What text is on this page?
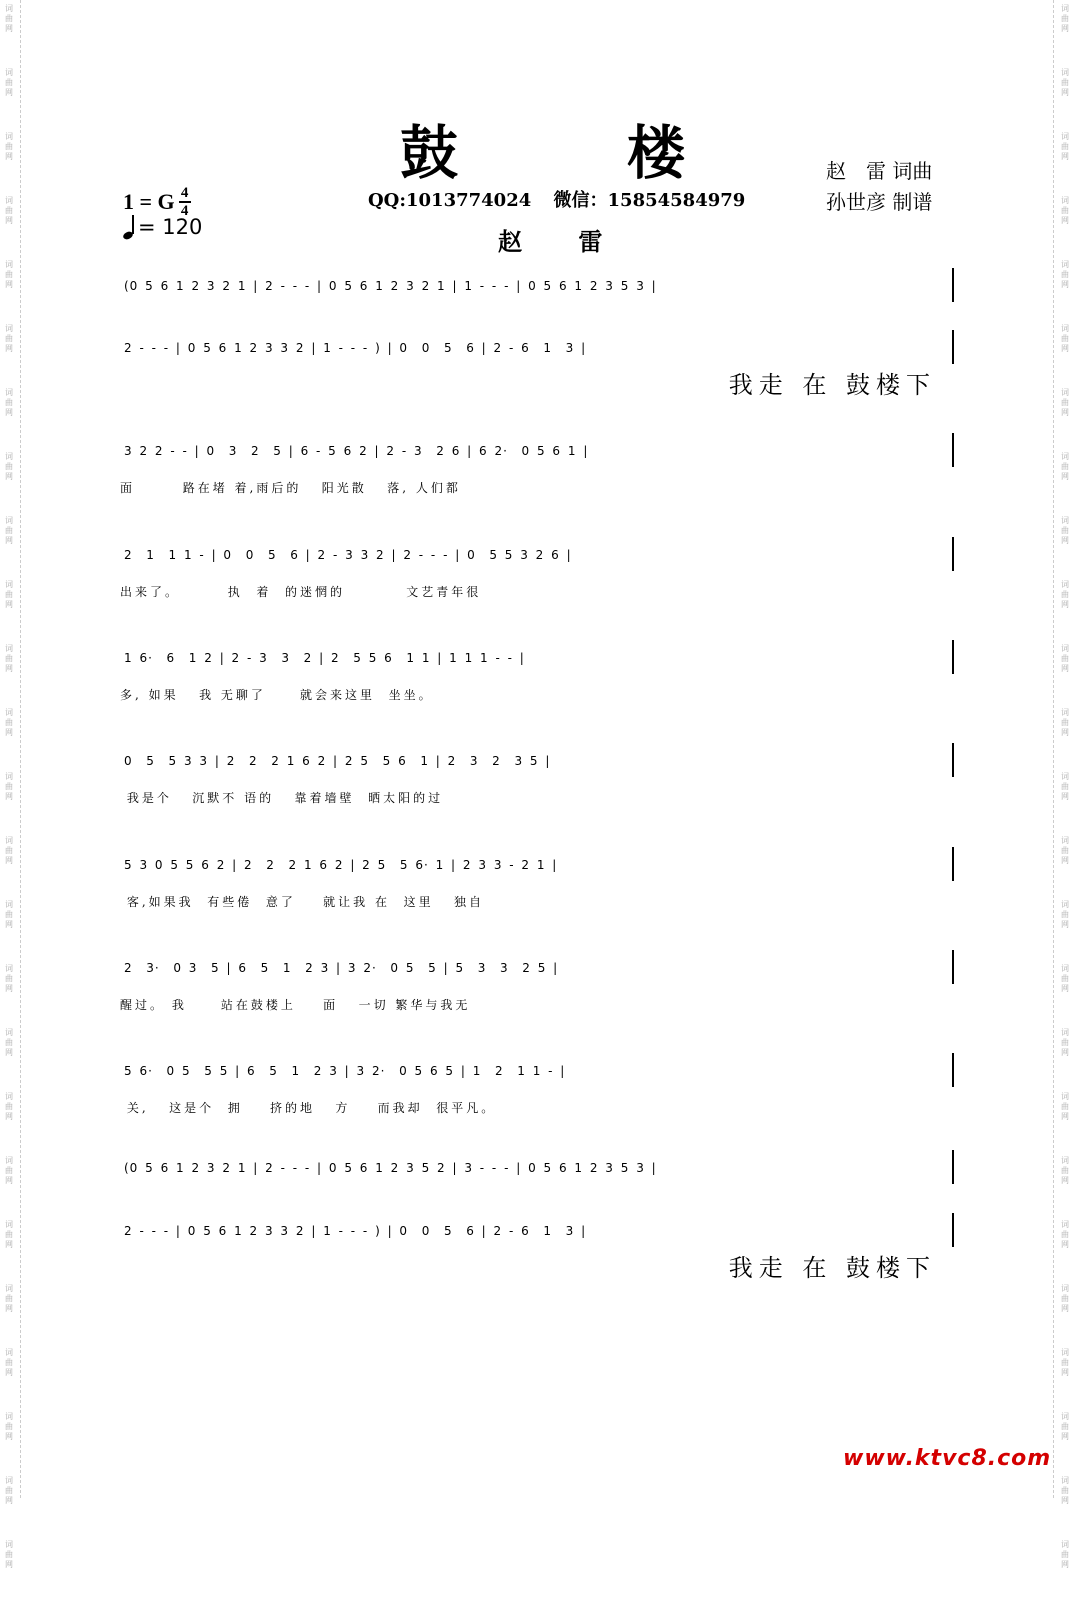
词
曲
网
词
曲
网
词
曲
网
词
曲
网
词
曲
网
词
曲
网
词
曲
网
词
曲
网
词
曲
网
词
曲
网
词
曲
网
词
曲
网
词
曲
网
词
曲
网
词
曲
网
词
曲
网
词
曲
网
词
曲
网
词
曲
网
词
曲
网
词
曲
网
词
曲
网
词
曲
网
词
曲
网
词
曲
网
词
曲
网
词
曲
网
词
曲
网
词
曲
网
词
曲
网
词
曲
网
词
曲
网
词
曲
网
词
曲
网
词
曲
网
词
曲
网
词
曲
网
词
曲
网
词
曲
网
词
曲
网
词
曲
网
词
曲
网
词
曲
网
词
曲
网
词
曲
网
词
曲
网
词
曲
网
词
曲
网
词
曲
网
词
曲
网
鼓	楼
QQ:1013774024 微信：15854584979
赵 雷
赵　雷 词曲
孙世彦 制谱
1 = G $\frac{4}{4}$
= 120
(0 5 6 1 2 3 2 1 | 2 - - - | 0 5 6 1 2 3 2 1 | 1 - - - | 0 5 6 1 2 3 5 3 |
2 - - - | 0 5 6 1 2 3 3 2 | 1 - - - ) | 0  0  5  6 | 2 - 6  1  3 |
我走 在 鼓楼下
3 2 2 - - | 0  3  2  5 | 6 - 5 6 2 | 2 - 3  2 6 | 6 2·  0 5 6 1 |
面       路在堵 着,雨后的   阳光散   落, 人们都
2  1  1 1 - | 0  0  5  6 | 2 - 3 3 2 | 2 - - - | 0  5 5 3 2 6 |
出来了。       执  着  的迷惘的         文艺青年很
1 6·  6  1 2 | 2 - 3  3  2 | 2  5 5 6  1 1 | 1 1 1 - - |
多, 如果   我 无聊了     就会来这里  坐坐。
0  5  5 3 3 | 2  2  2 1 6 2 | 2 5  5 6  1 | 2  3  2  3 5 |
我是个   沉默不 语的   靠着墙壁  晒太阳的过
5 3 0 5 5 6 2 | 2  2  2 1 6 2 | 2 5  5 6· 1 | 2 3 3 - 2 1 |
客,如果我  有些倦  意了    就让我 在  这里   独自
2  3·  0 3  5 | 6  5  1  2 3 | 3 2·  0 5  5 | 5  3  3  2 5 |
醒过。 我     站在鼓楼上    面   一切 繁华与我无
5 6·  0 5  5 5 | 6  5  1  2 3 | 3 2·  0 5 6 5 | 1  2  1 1 - |
关,   这是个  拥    挤的地   方    而我却  很平凡。
(0 5 6 1 2 3 2 1 | 2 - - - | 0 5 6 1 2 3 5 2 | 3 - - - | 0 5 6 1 2 3 5 3 |
2 - - - | 0 5 6 1 2 3 3 2 | 1 - - - ) | 0  0  5  6 | 2 - 6  1  3 |
我走 在 鼓楼下
www.ktvc8.com
